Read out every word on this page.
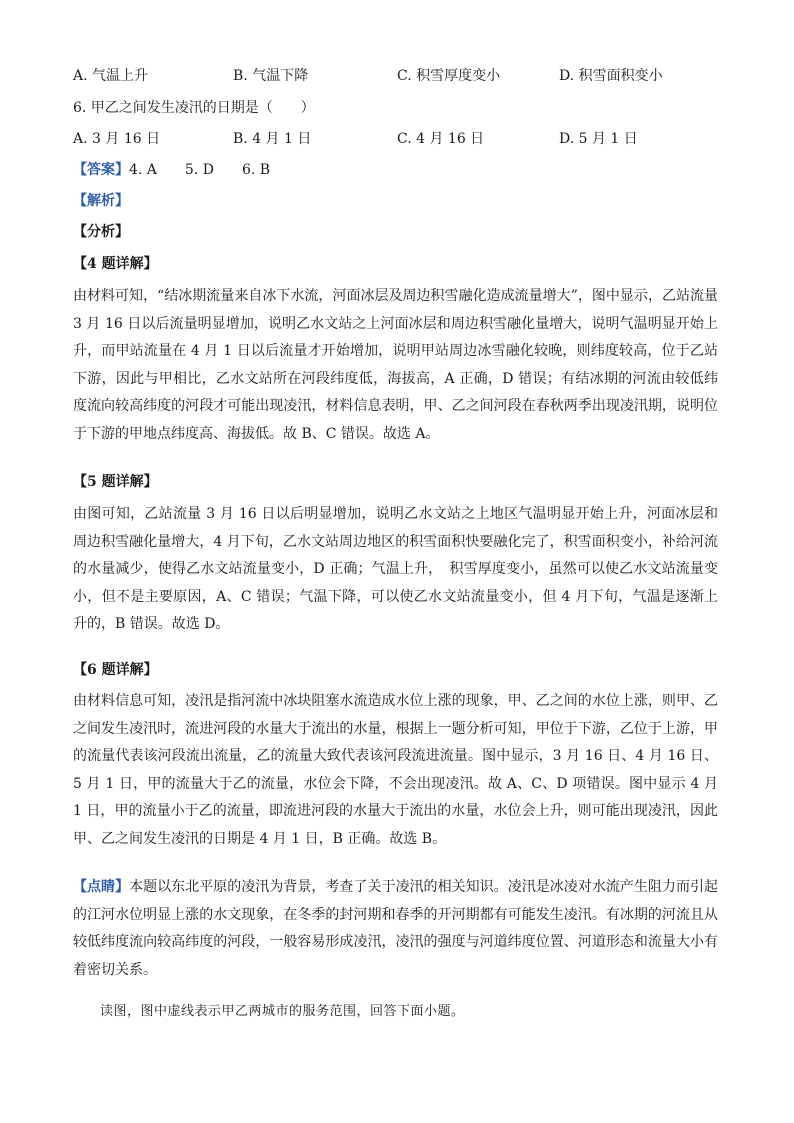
A. 气温上升	B. 气温下降	C. 积雪厚度变小	D. 积雪面积变小
6. 甲乙之间发生凌汛的日期是（　　）
A. 3 月 16 日	B. 4 月 1 日	C. 4 月 16 日	D. 5 月 1 日
【答案】4. A　　5. D　　6. B
【解析】
【分析】
【4 题详解】
由材料可知，“结冰期流量来自冰下水流，河面冰层及周边积雪融化造成流量增大”，图中显示，乙站流量 3 月 16 日以后流量明显增加，说明乙水文站之上河面冰层和周边积雪融化量增大，说明气温明显开始上升，而甲站流量在 4 月 1 日以后流量才开始增加，说明甲站周边冰雪融化较晚，则纬度较高，位于乙站下游，因此与甲相比，乙水文站所在河段纬度低，海拔高，A 正确，D 错误；有结冰期的河流由较低纬度流向较高纬度的河段才可能出现凌汛，材料信息表明，甲、乙之间河段在春秋两季出现凌汛期，说明位于下游的甲地点纬度高、海拔低。故 B、C 错误。故选 A。
【5 题详解】
由图可知，乙站流量 3 月 16 日以后明显增加，说明乙水文站之上地区气温明显开始上升，河面冰层和周边积雪融化量增大，4 月下旬，乙水文站周边地区的积雪面积快要融化完了，积雪面积变小，补给河流的水量减少，使得乙水文站流量变小，D 正确；气温上升，　积雪厚度变小，虽然可以使乙水文站流量变小，但不是主要原因，A、C 错误；气温下降，可以使乙水文站流量变小，但 4 月下旬，气温是逐渐上升的，B 错误。故选 D。
【6 题详解】
由材料信息可知，凌汛是指河流中冰块阻塞水流造成水位上涨的现象，甲、乙之间的水位上涨，则甲、乙之间发生凌汛时，流进河段的水量大于流出的水量，根据上一题分析可知，甲位于下游，乙位于上游，甲的流量代表该河段流出流量，乙的流量大致代表该河段流进流量。图中显示，3 月 16 日、4 月 16 日、5 月 1 日，甲的流量大于乙的流量，水位会下降，不会出现凌汛。故 A、C、D 项错误。图中显示 4 月 1 日，甲的流量小于乙的流量，即流进河段的水量大于流出的水量，水位会上升，则可能出现凌汛，因此甲、乙之间发生凌汛的日期是 4 月 1 日，B 正确。故选 B。
【点睛】本题以东北平原的凌汛为背景，考查了关于凌汛的相关知识。凌汛是冰凌对水流产生阻力而引起的江河水位明显上涨的水文现象，在冬季的封河期和春季的开河期都有可能发生凌汛。有冰期的河流且从较低纬度流向较高纬度的河段，一般容易形成凌汛，凌汛的强度与河道纬度位置、河道形态和流量大小有着密切关系。
读图，图中虚线表示甲乙两城市的服务范围，回答下面小题。
